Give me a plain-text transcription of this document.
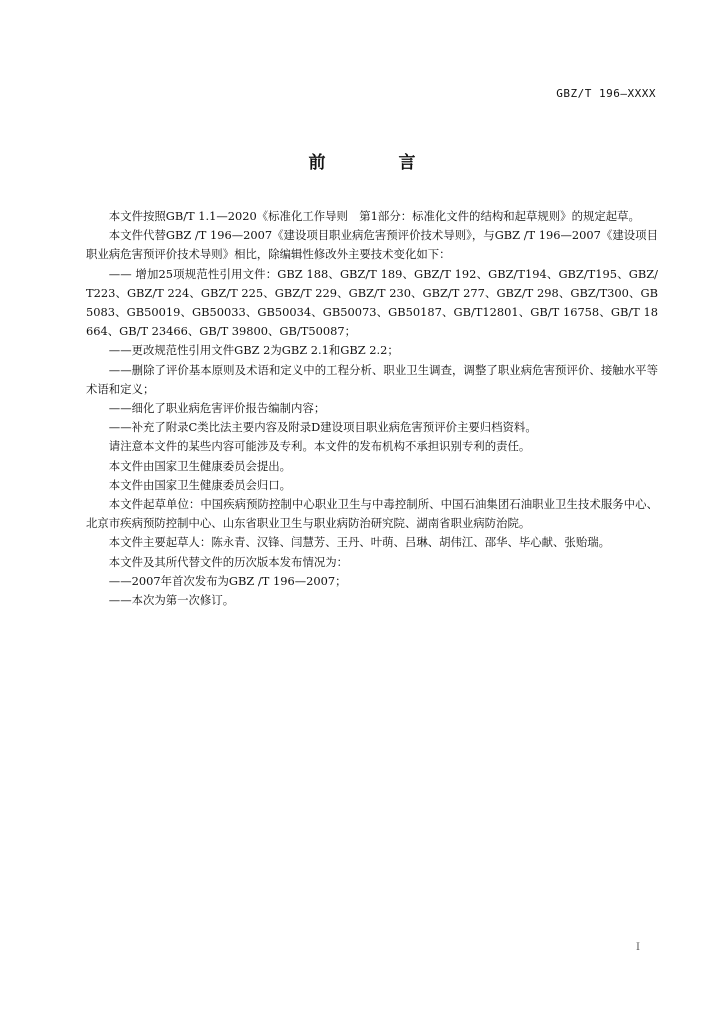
GBZ/T 196—XXXX
前　言

本文件按照GB/T 1.1—2020《标准化工作导则　第1部分：标准化文件的结构和起草规则》的规定起草。

本文件代替GBZ /T 196—2007《建设项目职业病危害预评价技术导则》，与GBZ /T 196—2007《建设项目职业病危害预评价技术导则》相比，除编辑性修改外主要技术变化如下：

—— 增加25项规范性引用文件：GBZ 188、GBZ/T 189、GBZ/T 192、GBZ/T194、GBZ/T195、GBZ/T223、GBZ/T 224、GBZ/T 225、GBZ/T 229、GBZ/T 230、GBZ/T 277、GBZ/T 298、GBZ/T300、GB5083、GB50019、GB50033、GB50034、GB50073、GB50187、GB/T12801、GB/T 16758、GB/T 18664、GB/T 23466、GB/T 39800、GB/T50087；

——更改规范性引用文件GBZ 2为GBZ 2.1和GBZ 2.2；

——删除了评价基本原则及术语和定义中的工程分析、职业卫生调查，调整了职业病危害预评价、接触水平等术语和定义；

——细化了职业病危害评价报告编制内容；

——补充了附录C类比法主要内容及附录D建设项目职业病危害预评价主要归档资料。

请注意本文件的某些内容可能涉及专利。本文件的发布机构不承担识别专利的责任。

本文件由国家卫生健康委员会提出。

本文件由国家卫生健康委员会归口。

本文件起草单位：中国疾病预防控制中心职业卫生与中毒控制所、中国石油集团石油职业卫生技术服务中心、北京市疾病预防控制中心、山东省职业卫生与职业病防治研究院、湖南省职业病防治院。

本文件主要起草人：陈永青、汉锋、闫慧芳、王丹、叶萌、吕琳、胡伟江、邵华、毕心献、张贻瑞。

本文件及其所代替文件的历次版本发布情况为：

——2007年首次发布为GBZ /T 196—2007；

——本次为第一次修订。

I
